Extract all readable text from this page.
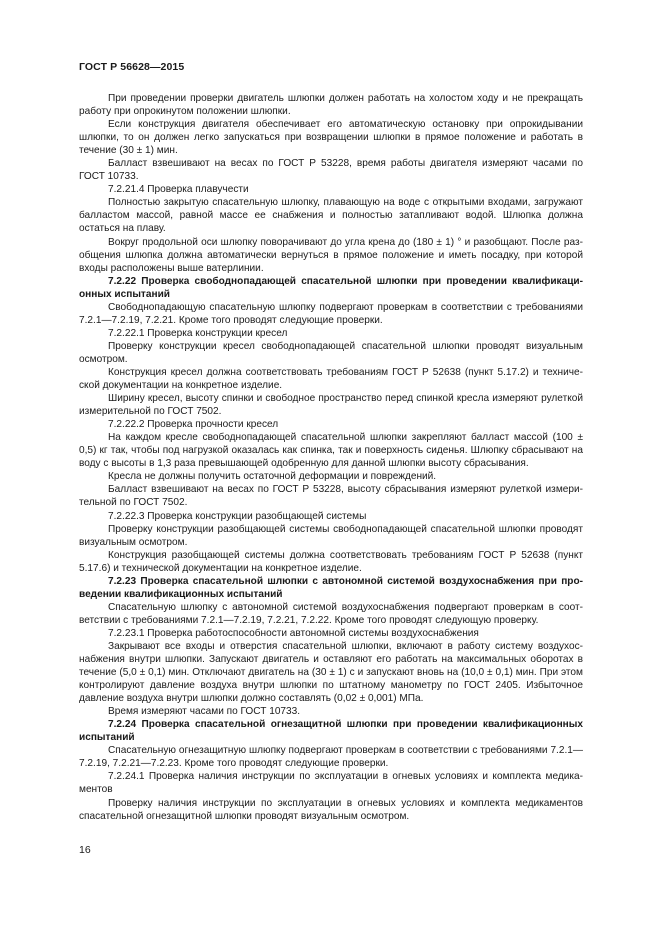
ГОСТ Р 56628—2015

При проведении проверки двигатель шлюпки должен работать на холостом ходу и не прекращать работу при опрокинутом положении шлюпки.

Если конструкция двигателя обеспечивает его автоматическую остановку при опрокидывании шлюпки, то он должен легко запускаться при возвращении шлюпки в прямое положение и работать в течение (30 ± 1) мин.

Балласт взвешивают на весах по ГОСТ Р 53228, время работы двигателя измеряют часами по ГОСТ 10733.

7.2.21.4 Проверка плавучести

Полностью закрытую спасательную шлюпку, плавающую на воде с открытыми входами, загружают балластом массой, равной массе ее снабжения и полностью затапливают водой. Шлюпка должна остаться на плаву.

Вокруг продольной оси шлюпку поворачивают до угла крена до (180 ± 1) ° и разобщают. После разобщения шлюпка должна автоматически вернуться в прямое положение и иметь посадку, при которой входы расположены выше ватерлинии.

7.2.22 Проверка свободнопадающей спасательной шлюпки при проведении квалификационных испытаний

Свободнопадающую спасательную шлюпку подвергают проверкам в соответствии с требованиями 7.2.1—7.2.19, 7.2.21. Кроме того проводят следующие проверки.

7.2.22.1 Проверка конструкции кресел

Проверку конструкции кресел свободнопадающей спасательной шлюпки проводят визуальным осмотром.

Конструкция кресел должна соответствовать требованиям ГОСТ Р 52638 (пункт 5.17.2) и технической документации на конкретное изделие.

Ширину кресел, высоту спинки и свободное пространство перед спинкой кресла измеряют рулеткой измерительной по ГОСТ 7502.

7.2.22.2 Проверка прочности кресел

На каждом кресле свободнопадающей спасательной шлюпки закрепляют балласт массой (100 ± 0,5) кг так, чтобы под нагрузкой оказалась как спинка, так и поверхность сиденья. Шлюпку сбрасывают на воду с высоты в 1,3 раза превышающей одобренную для данной шлюпки высоту сбрасывания.

Кресла не должны получить остаточной деформации и повреждений.

Балласт взвешивают на весах по ГОСТ Р 53228, высоту сбрасывания измеряют рулеткой измерительной по ГОСТ 7502.

7.2.22.3 Проверка конструкции разобщающей системы

Проверку конструкции разобщающей системы свободнопадающей спасательной шлюпки проводят визуальным осмотром.

Конструкция разобщающей системы должна соответствовать требованиям ГОСТ Р 52638 (пункт 5.17.6) и технической документации на конкретное изделие.

7.2.23 Проверка спасательной шлюпки с автономной системой воздухоснабжения при проведении квалификационных испытаний

Спасательную шлюпку с автономной системой воздухоснабжения подвергают проверкам в соответствии с требованиями 7.2.1—7.2.19, 7.2.21, 7.2.22. Кроме того проводят следующую проверку.

7.2.23.1 Проверка работоспособности автономной системы воздухоснабжения

Закрывают все входы и отверстия спасательной шлюпки, включают в работу систему воздухоснабжения внутри шлюпки. Запускают двигатель и оставляют его работать на максимальных оборотах в течение (5,0 ± 0,1) мин. Отключают двигатель на (30 ± 1) с и запускают вновь на (10,0 ± 0,1) мин. При этом контролируют давление воздуха внутри шлюпки по штатному манометру по ГОСТ 2405. Избыточное давление воздуха внутри шлюпки должно составлять (0,02 ± 0,001) МПа.

Время измеряют часами по ГОСТ 10733.

7.2.24 Проверка спасательной огнезащитной шлюпки при проведении квалификационных испытаний

Спасательную огнезащитную шлюпку подвергают проверкам в соответствии с требованиями 7.2.1—7.2.19, 7.2.21—7.2.23. Кроме того проводят следующие проверки.

7.2.24.1 Проверка наличия инструкции по эксплуатации в огневых условиях и комплекта медикаментов

Проверку наличия инструкции по эксплуатации в огневых условиях и комплекта медикаментов спасательной огнезащитной шлюпки проводят визуальным осмотром.

16
